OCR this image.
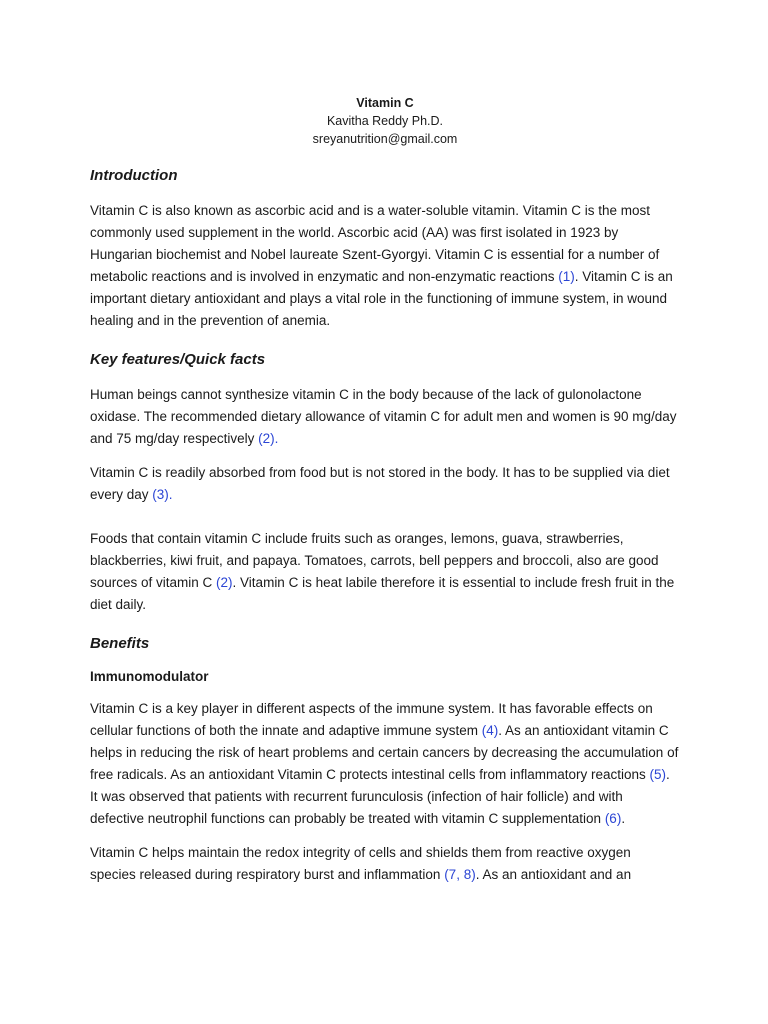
Vitamin C
Kavitha Reddy Ph.D.
sreyanutrition@gmail.com
Introduction

Vitamin C is also known as ascorbic acid and is a water-soluble vitamin. Vitamin C is the most commonly used supplement in the world. Ascorbic acid (AA) was first isolated in 1923 by Hungarian biochemist and Nobel laureate Szent-Gyorgyi. Vitamin C is essential for a number of metabolic reactions and is involved in enzymatic and non-enzymatic reactions (1). Vitamin C is an important dietary antioxidant and plays a vital role in the functioning of immune system, in wound healing and in the prevention of anemia.

Key features/Quick facts

Human beings cannot synthesize vitamin C in the body because of the lack of gulonolactone oxidase. The recommended dietary allowance of vitamin C for adult men and women is 90 mg/day and 75 mg/day respectively (2).

Vitamin C is readily absorbed from food but is not stored in the body. It has to be supplied via diet every day (3).

Foods that contain vitamin C include fruits such as oranges, lemons, guava, strawberries, blackberries, kiwi fruit, and papaya. Tomatoes, carrots, bell peppers and broccoli, also are good sources of vitamin C (2). Vitamin C is heat labile therefore it is essential to include fresh fruit in the diet daily.

Benefits
Immunomodulator

Vitamin C is a key player in different aspects of the immune system. It has favorable effects on cellular functions of both the innate and adaptive immune system (4). As an antioxidant vitamin C helps in reducing the risk of heart problems and certain cancers by decreasing the accumulation of free radicals. As an antioxidant Vitamin C protects intestinal cells from inflammatory reactions (5). It was observed that patients with recurrent furunculosis (infection of hair follicle) and with defective neutrophil functions can probably be treated with vitamin C supplementation (6).

Vitamin C helps maintain the redox integrity of cells and shields them from reactive oxygen species released during respiratory burst and inflammation (7, 8). As an antioxidant and an
